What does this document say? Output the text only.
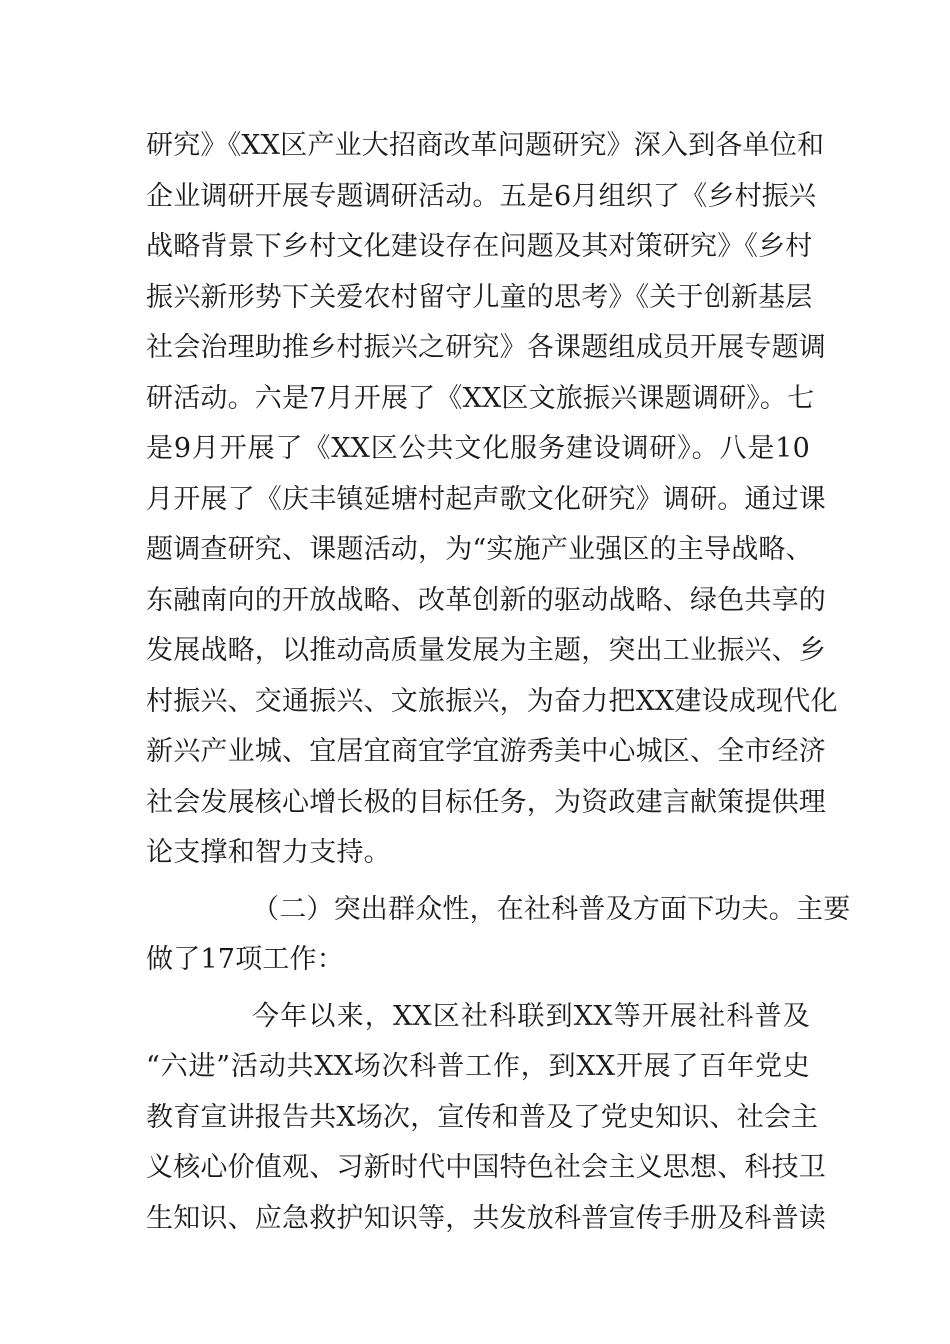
研究》《XX区产业大招商改革问题研究》深入到各单位和
企业调研开展专题调研活动。五是6月组织了《乡村振兴
战略背景下乡村文化建设存在问题及其对策研究》《乡村
振兴新形势下关爱农村留守儿童的思考》《关于创新基层
社会治理助推乡村振兴之研究》各课题组成员开展专题调
研活动。六是7月开展了《XX区文旅振兴课题调研》。七
是9月开展了《XX区公共文化服务建设调研》。八是10
月开展了《庆丰镇延塘村起声歌文化研究》调研。通过课
题调查研究、课题活动，为“实施产业强区的主导战略、
东融南向的开放战略、改革创新的驱动战略、绿色共享的
发展战略，以推动高质量发展为主题，突出工业振兴、乡
村振兴、交通振兴、文旅振兴，为奋力把XX建设成现代化
新兴产业城、宜居宜商宜学宜游秀美中心城区、全市经济
社会发展核心增长极的目标任务，为资政建言献策提供理
论支撑和智力支持。
（二）突出群众性，在社科普及方面下功夫。主要
做了17项工作：
今年以来，XX区社科联到XX等开展社科普及
“六进”活动共XX场次科普工作，到XX开展了百年党史
教育宣讲报告共X场次，宣传和普及了党史知识、社会主
义核心价值观、习新时代中国特色社会主义思想、科技卫
生知识、应急救护知识等，共发放科普宣传手册及科普读
